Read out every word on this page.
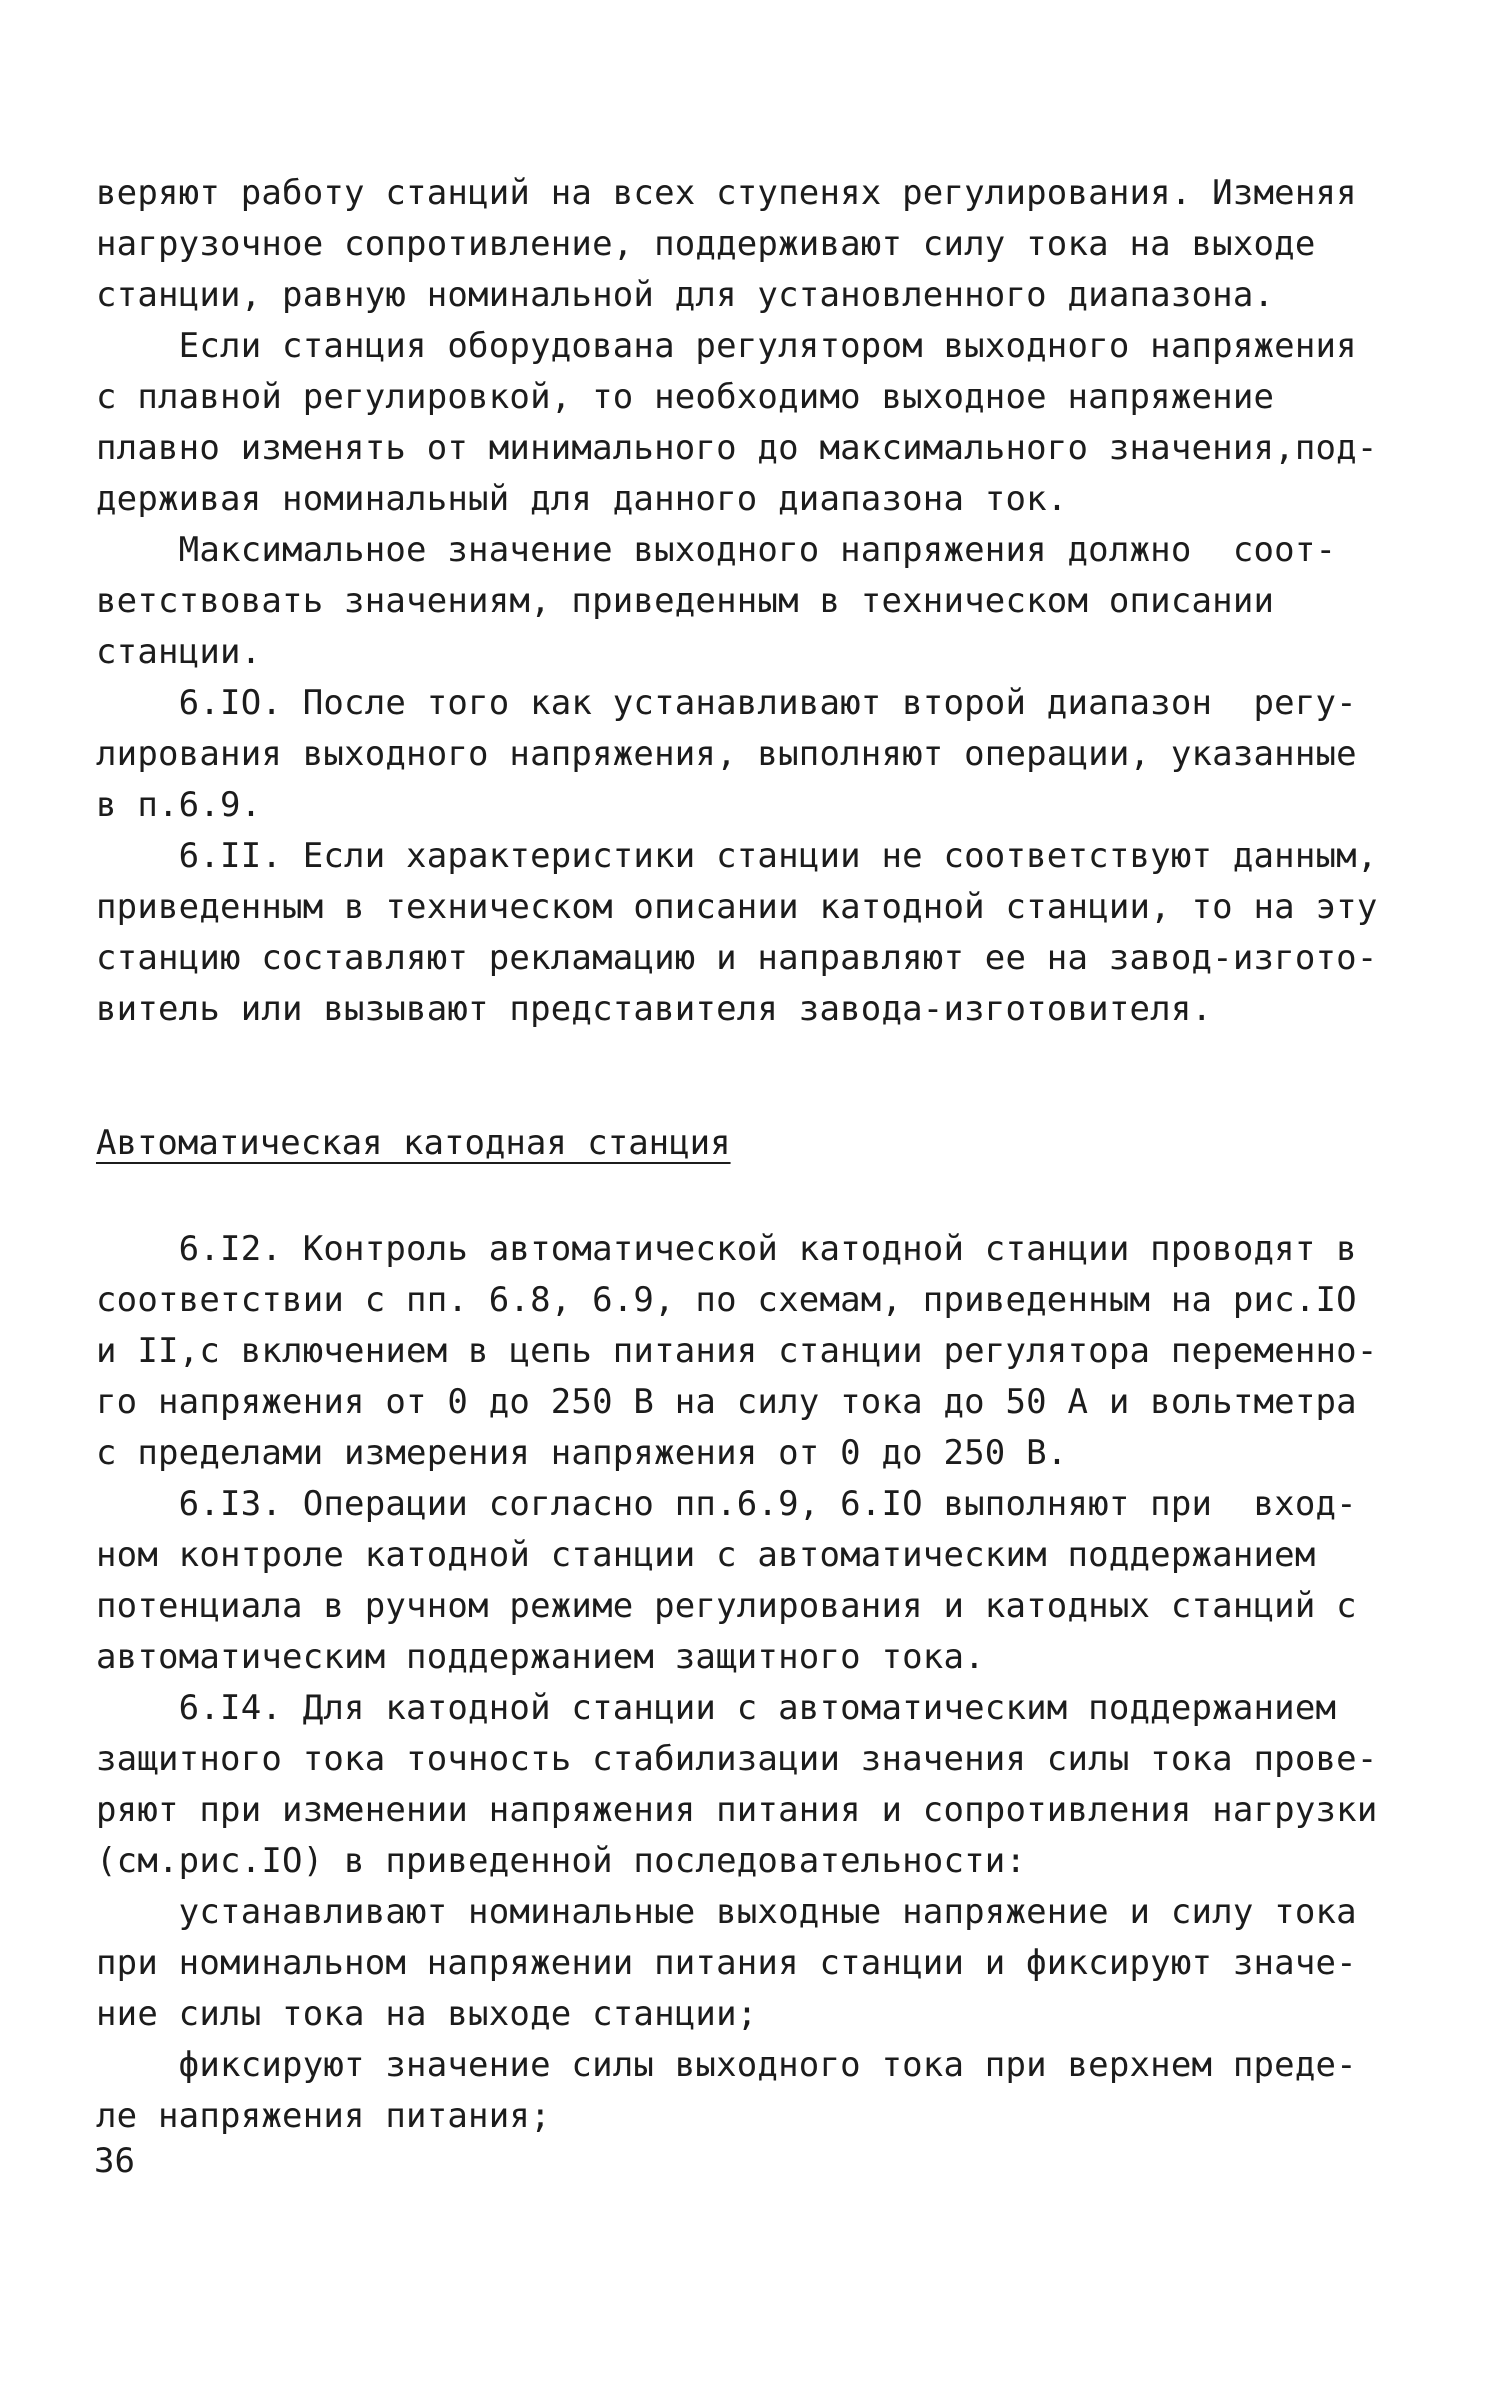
веряют работу станций на всех ступенях регулирования. Изменяя
нагрузочное сопротивление, поддерживают силу тока на выходе
станции, равную номинальной для установленного диапазона.
Если станция оборудована регулятором выходного напряжения
с плавной регулировкой, то необходимо выходное напряжение
плавно изменять от минимального до максимального значения,под-
держивая номинальный для данного диапазона ток.
Максимальное значение выходного напряжения должно  соот-
ветствовать значениям, приведенным в техническом описании
станции.
6.IO. После того как устанавливают второй диапазон  регу-
лирования выходного напряжения, выполняют операции, указанные
в п.6.9.
6.II. Если характеристики станции не соответствуют данным,
приведенным в техническом описании катодной станции, то на эту
станцию составляют рекламацию и направляют ее на завод-изгото-
витель или вызывают представителя завода-изготовителя.
Автоматическая катодная станция
6.I2. Контроль автоматической катодной станции проводят в
соответствии с пп. 6.8, 6.9, по схемам, приведенным на рис.IO
и II,с включением в цепь питания станции регулятора переменно-
го напряжения от 0 до 250 В на силу тока до 50 А и вольтметра
с пределами измерения напряжения от 0 до 250 В.
6.I3. Операции согласно пп.6.9, 6.IO выполняют при  вход-
ном контроле катодной станции с автоматическим поддержанием
потенциала в ручном режиме регулирования и катодных станций с
автоматическим поддержанием защитного тока.
6.I4. Для катодной станции с автоматическим поддержанием
защитного тока точность стабилизации значения силы тока прове-
ряют при изменении напряжения питания и сопротивления нагрузки
(см.рис.IO) в приведенной последовательности:
устанавливают номинальные выходные напряжение и силу тока
при номинальном напряжении питания станции и фиксируют значе-
ние силы тока на выходе станции;
фиксируют значение силы выходного тока при верхнем преде-
ле напряжения питания;
36
